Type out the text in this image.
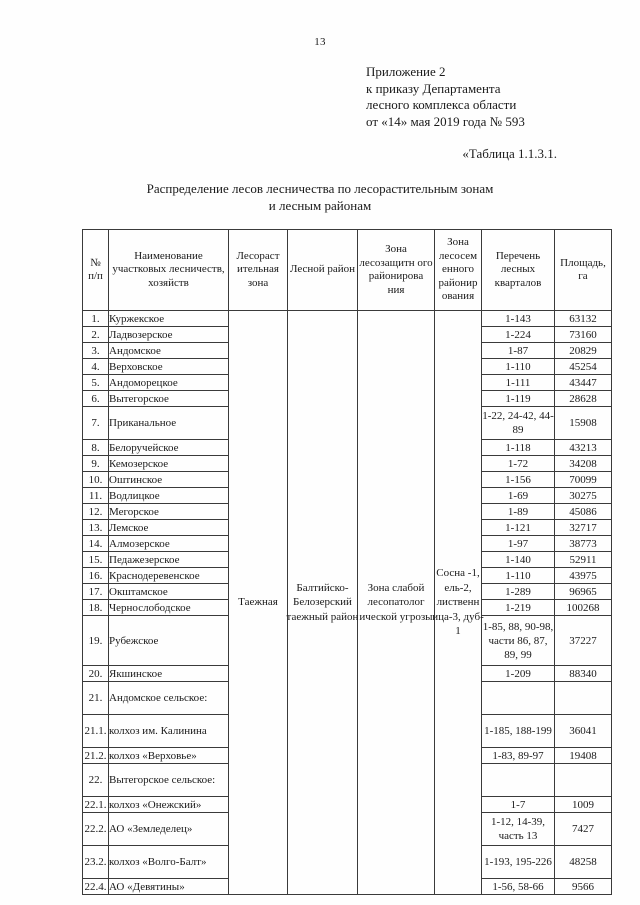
13
Приложение 2
к приказу Департамента
лесного комплекса области
от «14» мая 2019 года № 593
«Таблица 1.1.3.1.
Распределение лесов лесничества по лесорастительным зонам
и лесным районам
№
п/п	Наименование участковых лесничеств, хозяйств	Лесораст ительная зона	Лесной район	Зона лесозащитн ого районирова ния	Зона лесосем енного районир ования	Перечень лесных кварталов	Площадь, га
1.	Куржекское	Таежная	Балтийско-Белозерский таежный район	Зона слабой лесопатолог ической угрозы	Сосна -1, ель-2, лиственн ица-3, дуб- 1	1-143	63132
2.	Ладвозерское					1-224	73160
3.	Андомское					1-87	20829
4.	Верховское					1-110	45254
5.	Андоморецкое					1-111	43447
6.	Вытегорское					1-119	28628
7.	Приканальное					1-22, 24-42, 44-89	15908
8.	Белоручейское					1-118	43213
9.	Кемозерское					1-72	34208
10.	Оштинское					1-156	70099
11.	Водлицкое					1-69	30275
12.	Мегорское					1-89	45086
13.	Лемское					1-121	32717
14.	Алмозерское					1-97	38773
15.	Педажезерское					1-140	52911
16.	Краснодеревенское					1-110	43975
17.	Окштамское					1-289	96965
18.	Чернослободское					1-219	100268
19.	Рубежское					1-85, 88, 90-98, части 86, 87, 89, 99	37227
20.	Якшинское					1-209	88340
21.	Андомское сельское:						
21.1.	колхоз им. Калинина					1-185, 188-199	36041
21.2.	колхоз «Верховье»					1-83, 89-97	19408
22.	Вытегорское сельское:						
22.1.	колхоз «Онежский»					1-7	1009
22.2.	АО «Земледелец»					1-12, 14-39, часть 13	7427
23.2.	колхоз «Волго-Балт»					1-193, 195-226	48258
22.4.	АО «Девятины»					1-56, 58-66	9566
